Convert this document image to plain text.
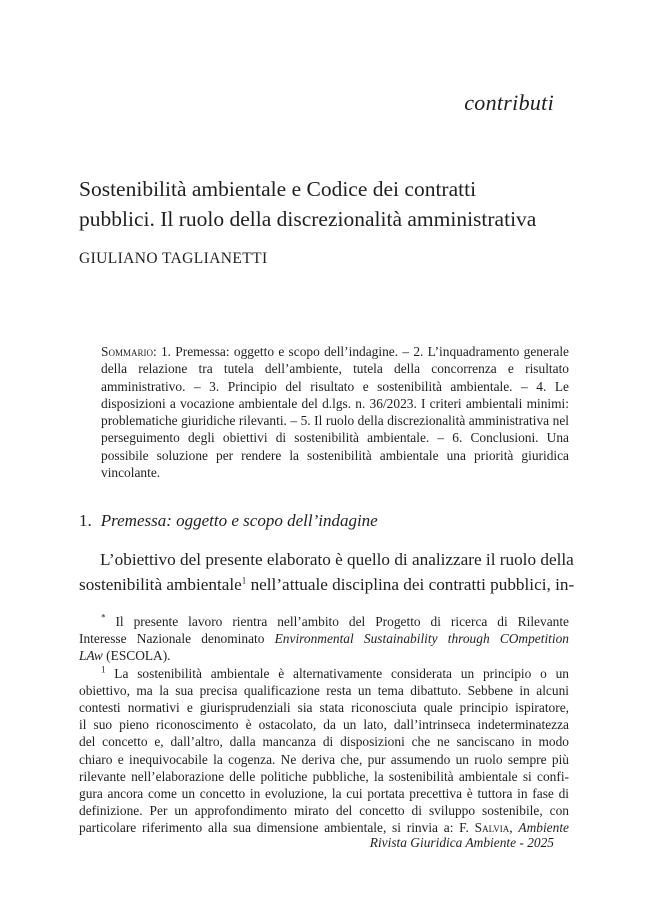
contributi
Sostenibilità ambientale e Codice dei contratti
pubblici. Il ruolo della discrezionalità amministrativa
GIULIANO TAGLIANETTI
Sommario: 1. Premessa: oggetto e scopo dell’indagine. – 2. L’inquadramento generale della relazione tra tutela dell’ambiente, tutela della concorrenza e risultato amministrativo. – 3. Principio del risultato e sostenibilità ambientale. – 4. Le disposizioni a vocazione ambientale del d.lgs. n. 36/2023. I criteri ambientali minimi: problematiche giuridiche rilevanti. – 5. Il ruolo della discrezionalità amministrativa nel perseguimento degli obiettivi di sostenibilità ambientale. – 6. Conclusioni. Una possibile soluzione per rendere la sostenibilità ambientale una priorità giuridica vincolante.
1. Premessa: oggetto e scopo dell’indagine
L’obiettivo del presente elaborato è quello di analizzare il ruolo della
sostenibilità ambientale$^1$ nell’attuale disciplina dei contratti pubblici, in-
* Il presente lavoro rientra nell’ambito del Progetto di ricerca di Rilevante
Interesse Nazionale denominato Environmental Sustainability through COmpetition
LAw (ESCOLA).
$^1$ La sostenibilità ambientale è alternativamente considerata un principio o un
obiettivo, ma la sua precisa qualificazione resta un tema dibattuto. Sebbene in alcuni
contesti normativi e giurisprudenziali sia stata riconosciuta quale principio ispiratore,
il suo pieno riconoscimento è ostacolato, da un lato, dall’intrinseca indeterminatezza
del concetto e, dall’altro, dalla mancanza di disposizioni che ne sanciscano in modo
chiaro e inequivocabile la cogenza. Ne deriva che, pur assumendo un ruolo sempre più
rilevante nell’elaborazione delle politiche pubbliche, la sostenibilità ambientale si confi-
gura ancora come un concetto in evoluzione, la cui portata precettiva è tuttora in fase di
definizione. Per un approfondimento mirato del concetto di sviluppo sostenibile, con
particolare riferimento alla sua dimensione ambientale, si rinvia a: F. Salvia, Ambiente
Rivista Giuridica Ambiente - 2025
